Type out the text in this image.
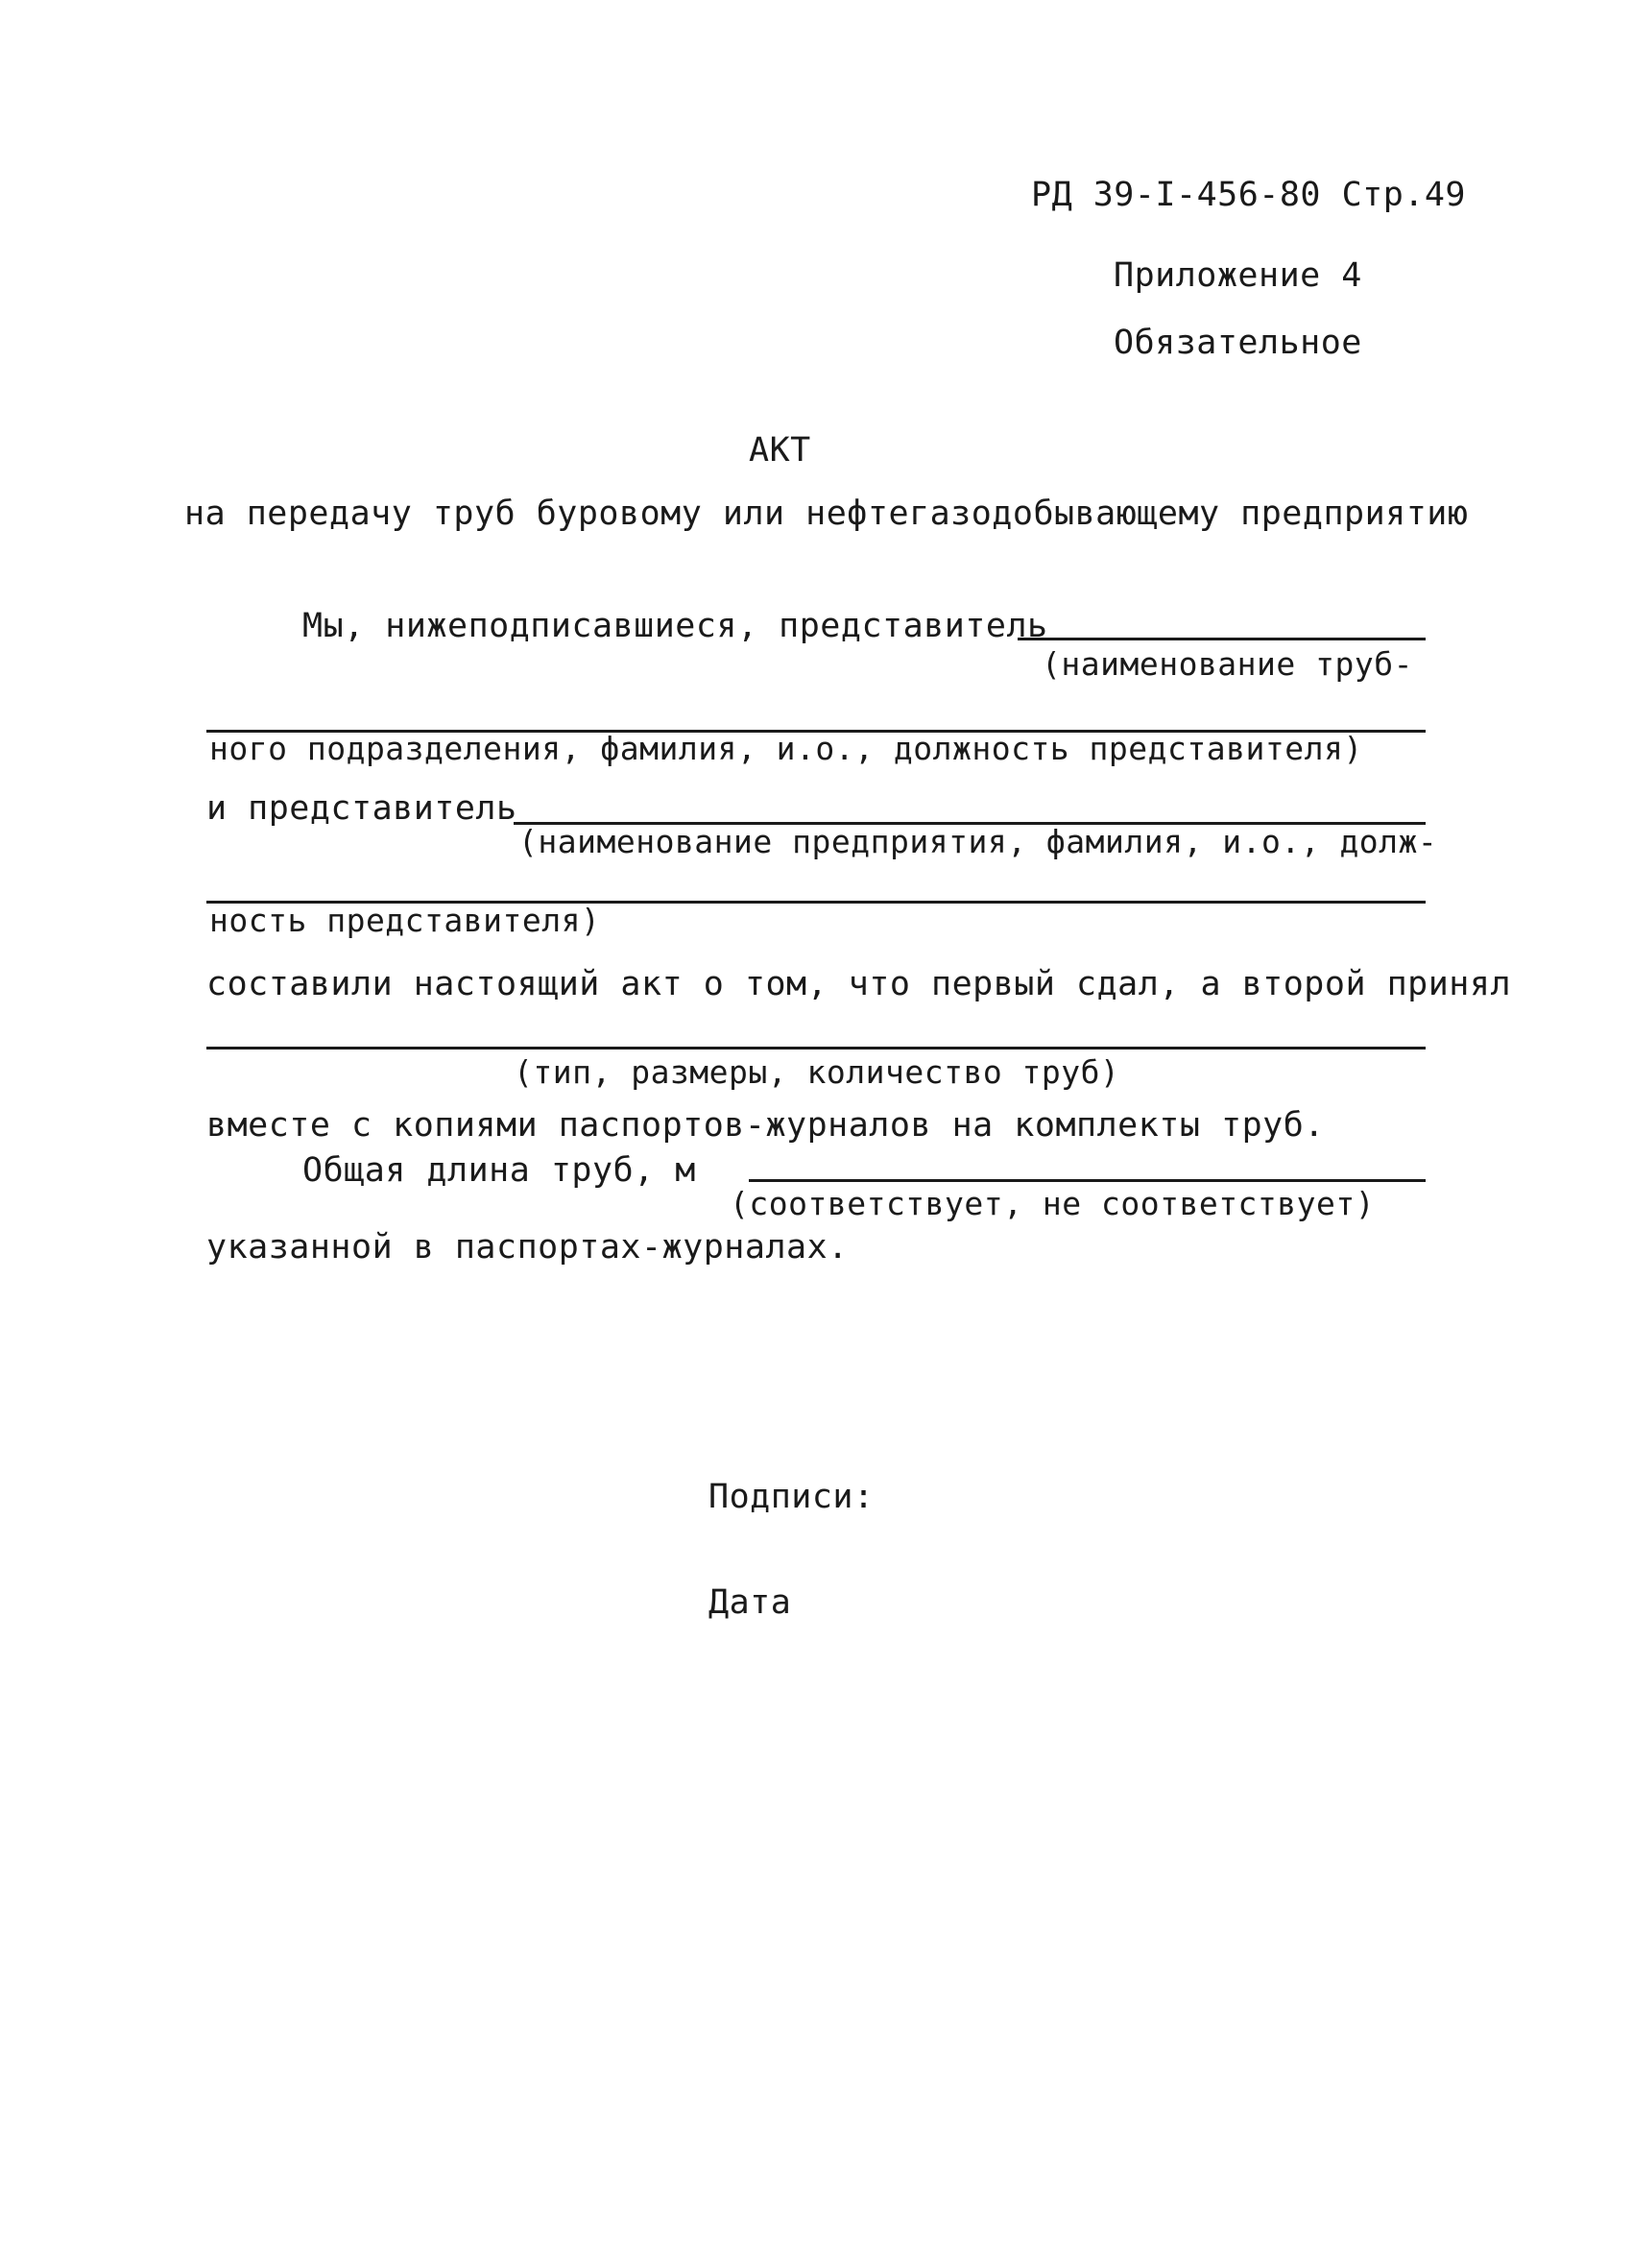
РД 39-I-456-80 Стр.49
Приложение 4
Обязательное
АКТ
на передачу труб буровому или нефтегазодобывающему предприятию
Мы, нижеподписавшиеся, представитель
(наименование труб-
ного подразделения, фамилия, и.о., должность представителя)
и представитель
(наименование предприятия, фамилия, и.о., долж-
ность представителя)
составили настоящий акт о том, что первый сдал, а второй принял
(тип, размеры, количество труб)
вместе с копиями паспортов-журналов на комплекты труб.
Общая длина труб, м
(соответствует, не соответствует)
указанной в паспортах-журналах.
Подписи:
Дата
